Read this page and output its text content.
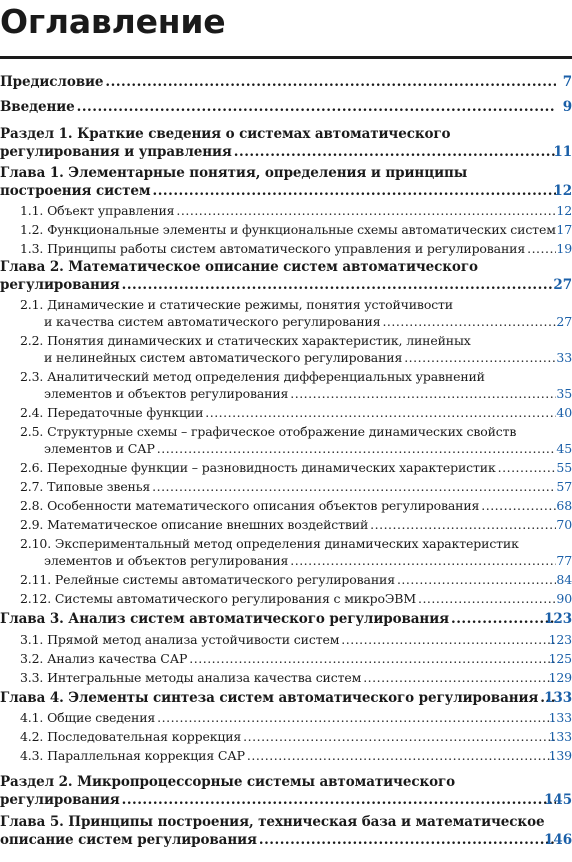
Оглавление
Предисловие .....	7
Введение .....	9
Раздел 1. Краткие сведения о системах автоматического
регулирования и управления .....	11
Глава 1. Элементарные понятия, определения и принципы
построения систем .....	12
1.1. Объект управления .....	12
1.2. Функциональные элементы и функциональные схемы автоматических систем 17
1.3. Принципы работы систем автоматического управления и регулирования .....	19
Глава 2. Математическое описание систем автоматического
регулирования .....	27
2.1. Динамические и статические режимы, понятия устойчивости
и качества систем автоматического регулирования .....	27
2.2. Понятия динамических и статических характеристик, линейных
и нелинейных систем автоматического регулирования .....	33
2.3. Аналитический метод определения дифференциальных уравнений
элементов и объектов регулирования .....	35
2.4. Передаточные функции .....	40
2.5. Структурные схемы – графическое отображение динамических свойств
элементов и САР .....	45
2.6. Переходные функции – разновидность динамических характеристик .....	55
2.7. Типовые звенья .....	57
2.8. Особенности математического описания объектов регулирования .....	68
2.9. Математическое описание внешних воздействий .....	70
2.10. Экспериментальный метод определения динамических характеристик
элементов и объектов регулирования .....	77
2.11. Релейные системы автоматического регулирования .....	84
2.12. Системы автоматического регулирования с микроЭВМ .....	90
Глава 3. Анализ систем автоматического регулирования .....	123
3.1. Прямой метод анализа устойчивости систем .....	123
3.2. Анализ качества САР .....	125
3.3. Интегральные методы анализа качества систем .....	129
Глава 4. Элементы синтеза систем автоматического регулирования ..... 133
4.1. Общие сведения .....	133
4.2. Последовательная коррекция .....	133
4.3. Параллельная коррекция САР .....	139
Раздел 2. Микропроцессорные системы автоматического
регулирования .....	145
Глава 5. Принципы построения, техническая база и математическое
описание систем регулирования .....	146
